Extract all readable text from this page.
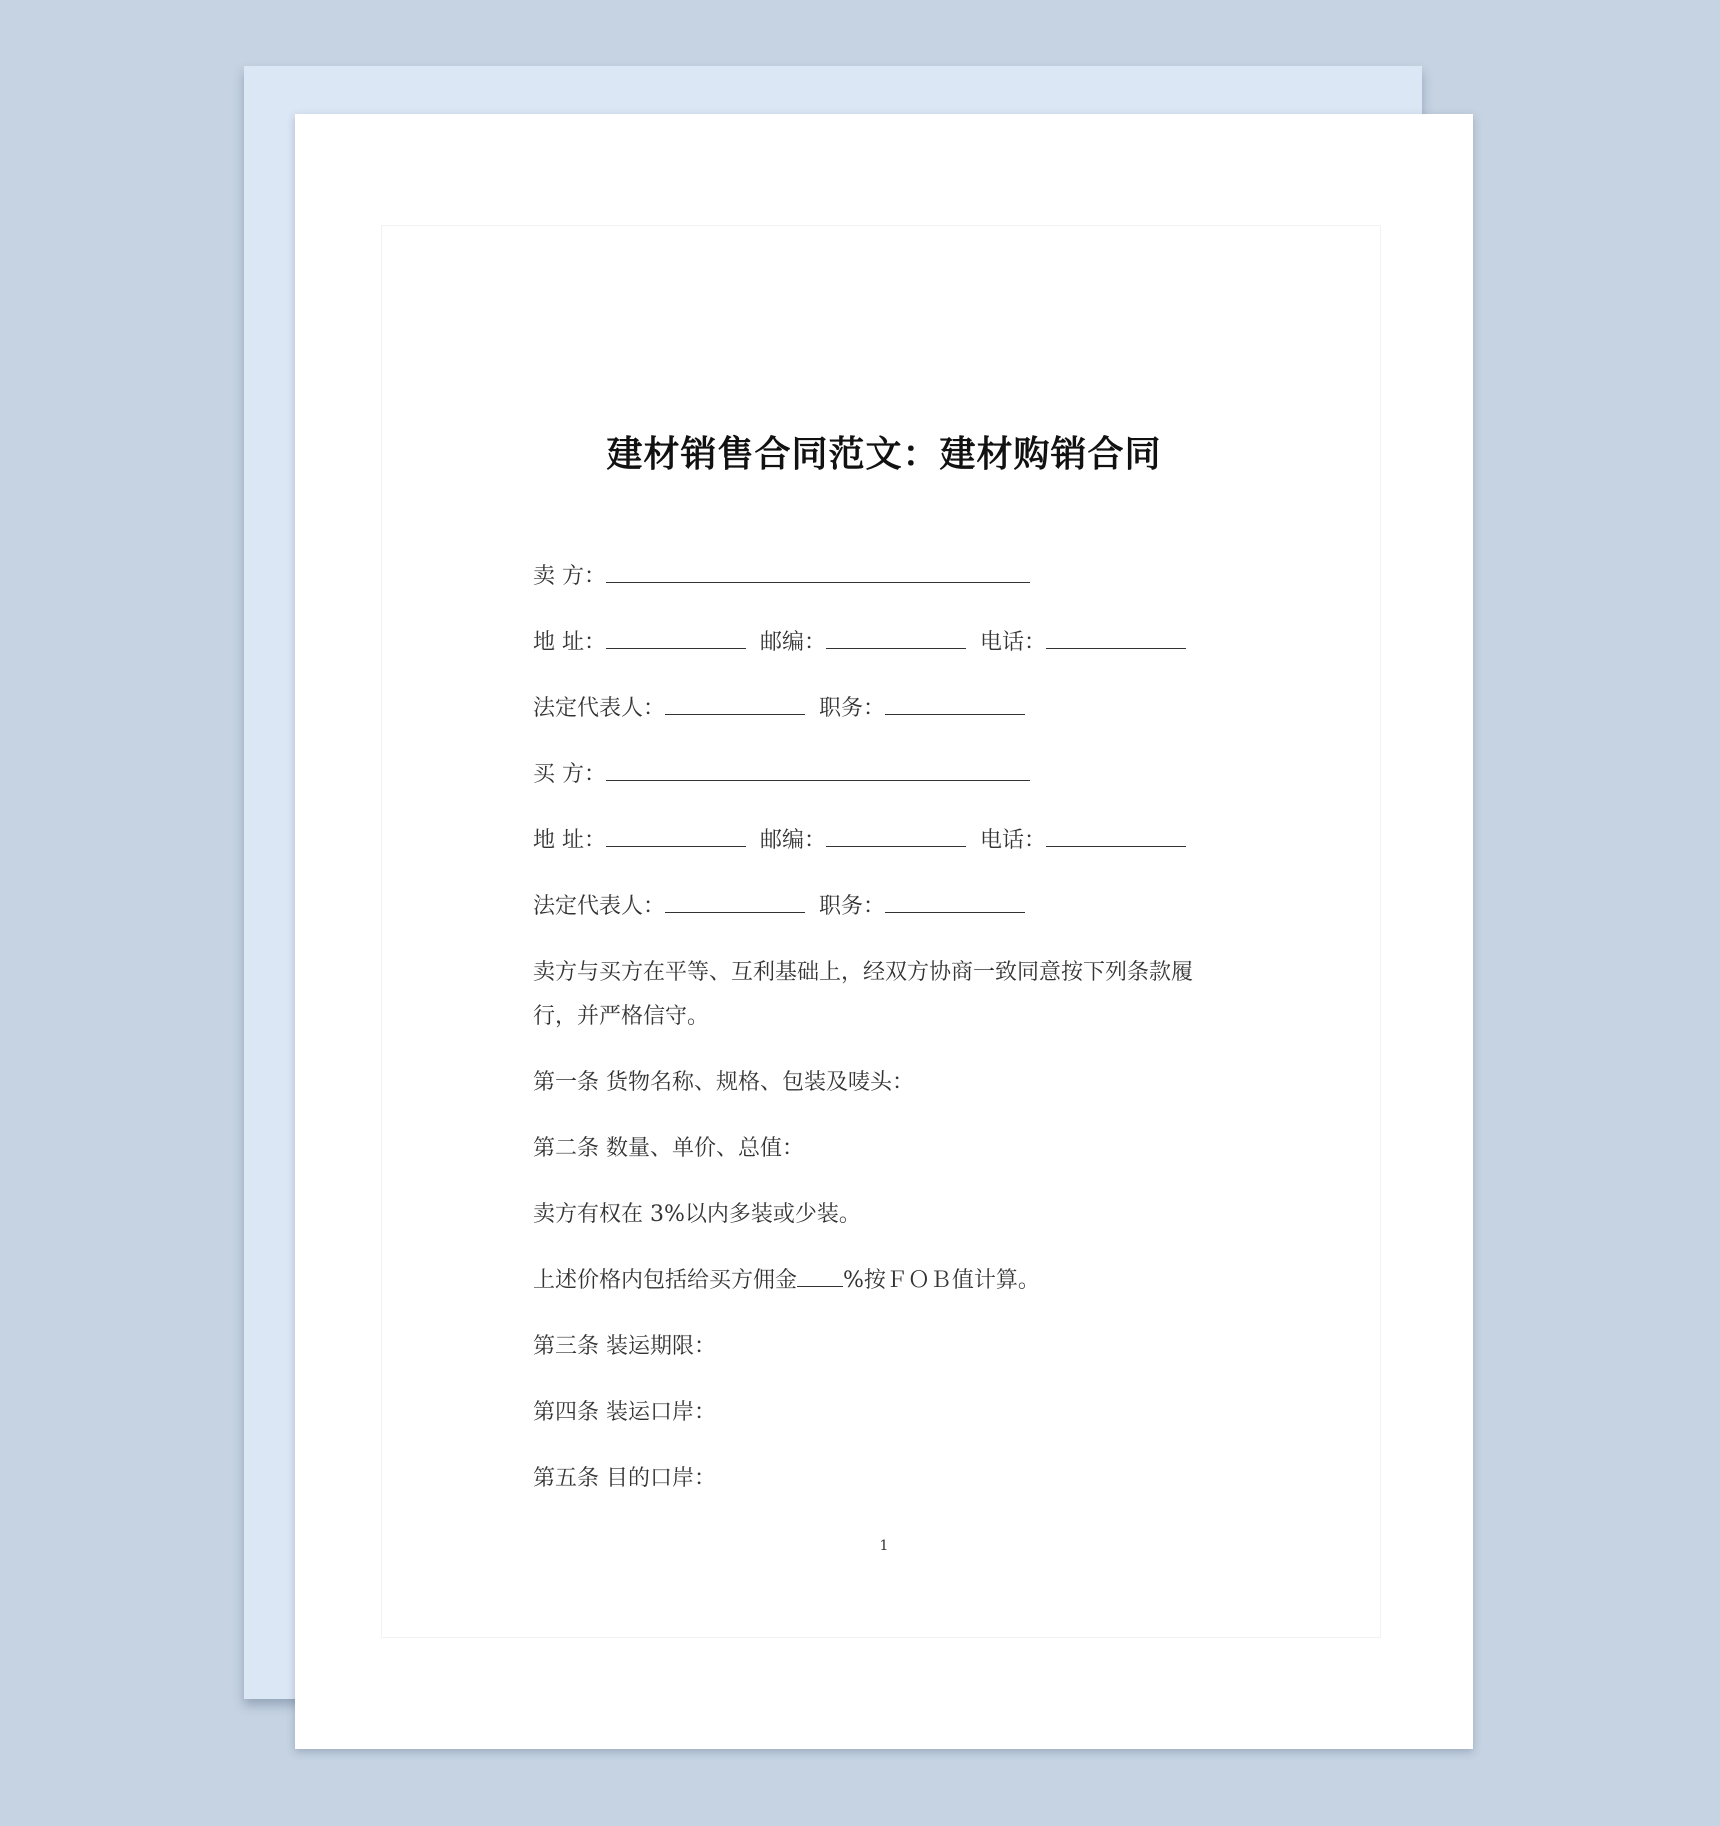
建材销售合同范文：建材购销合同
卖 方：
地 址：	邮编：	电话：
法定代表人：	职务：
买 方：
地 址：	邮编：	电话：
法定代表人：	职务：
卖方与买方在平等、互利基础上，经双方协商一致同意按下列条款履行，并严格信守。
第一条 货物名称、规格、包装及唛头：
第二条 数量、单价、总值：
卖方有权在 3%以内多装或少装。
上述价格内包括给买方佣金 %按ＦＯＢ值计算。
第三条 装运期限：
第四条 装运口岸：
第五条 目的口岸：
1
